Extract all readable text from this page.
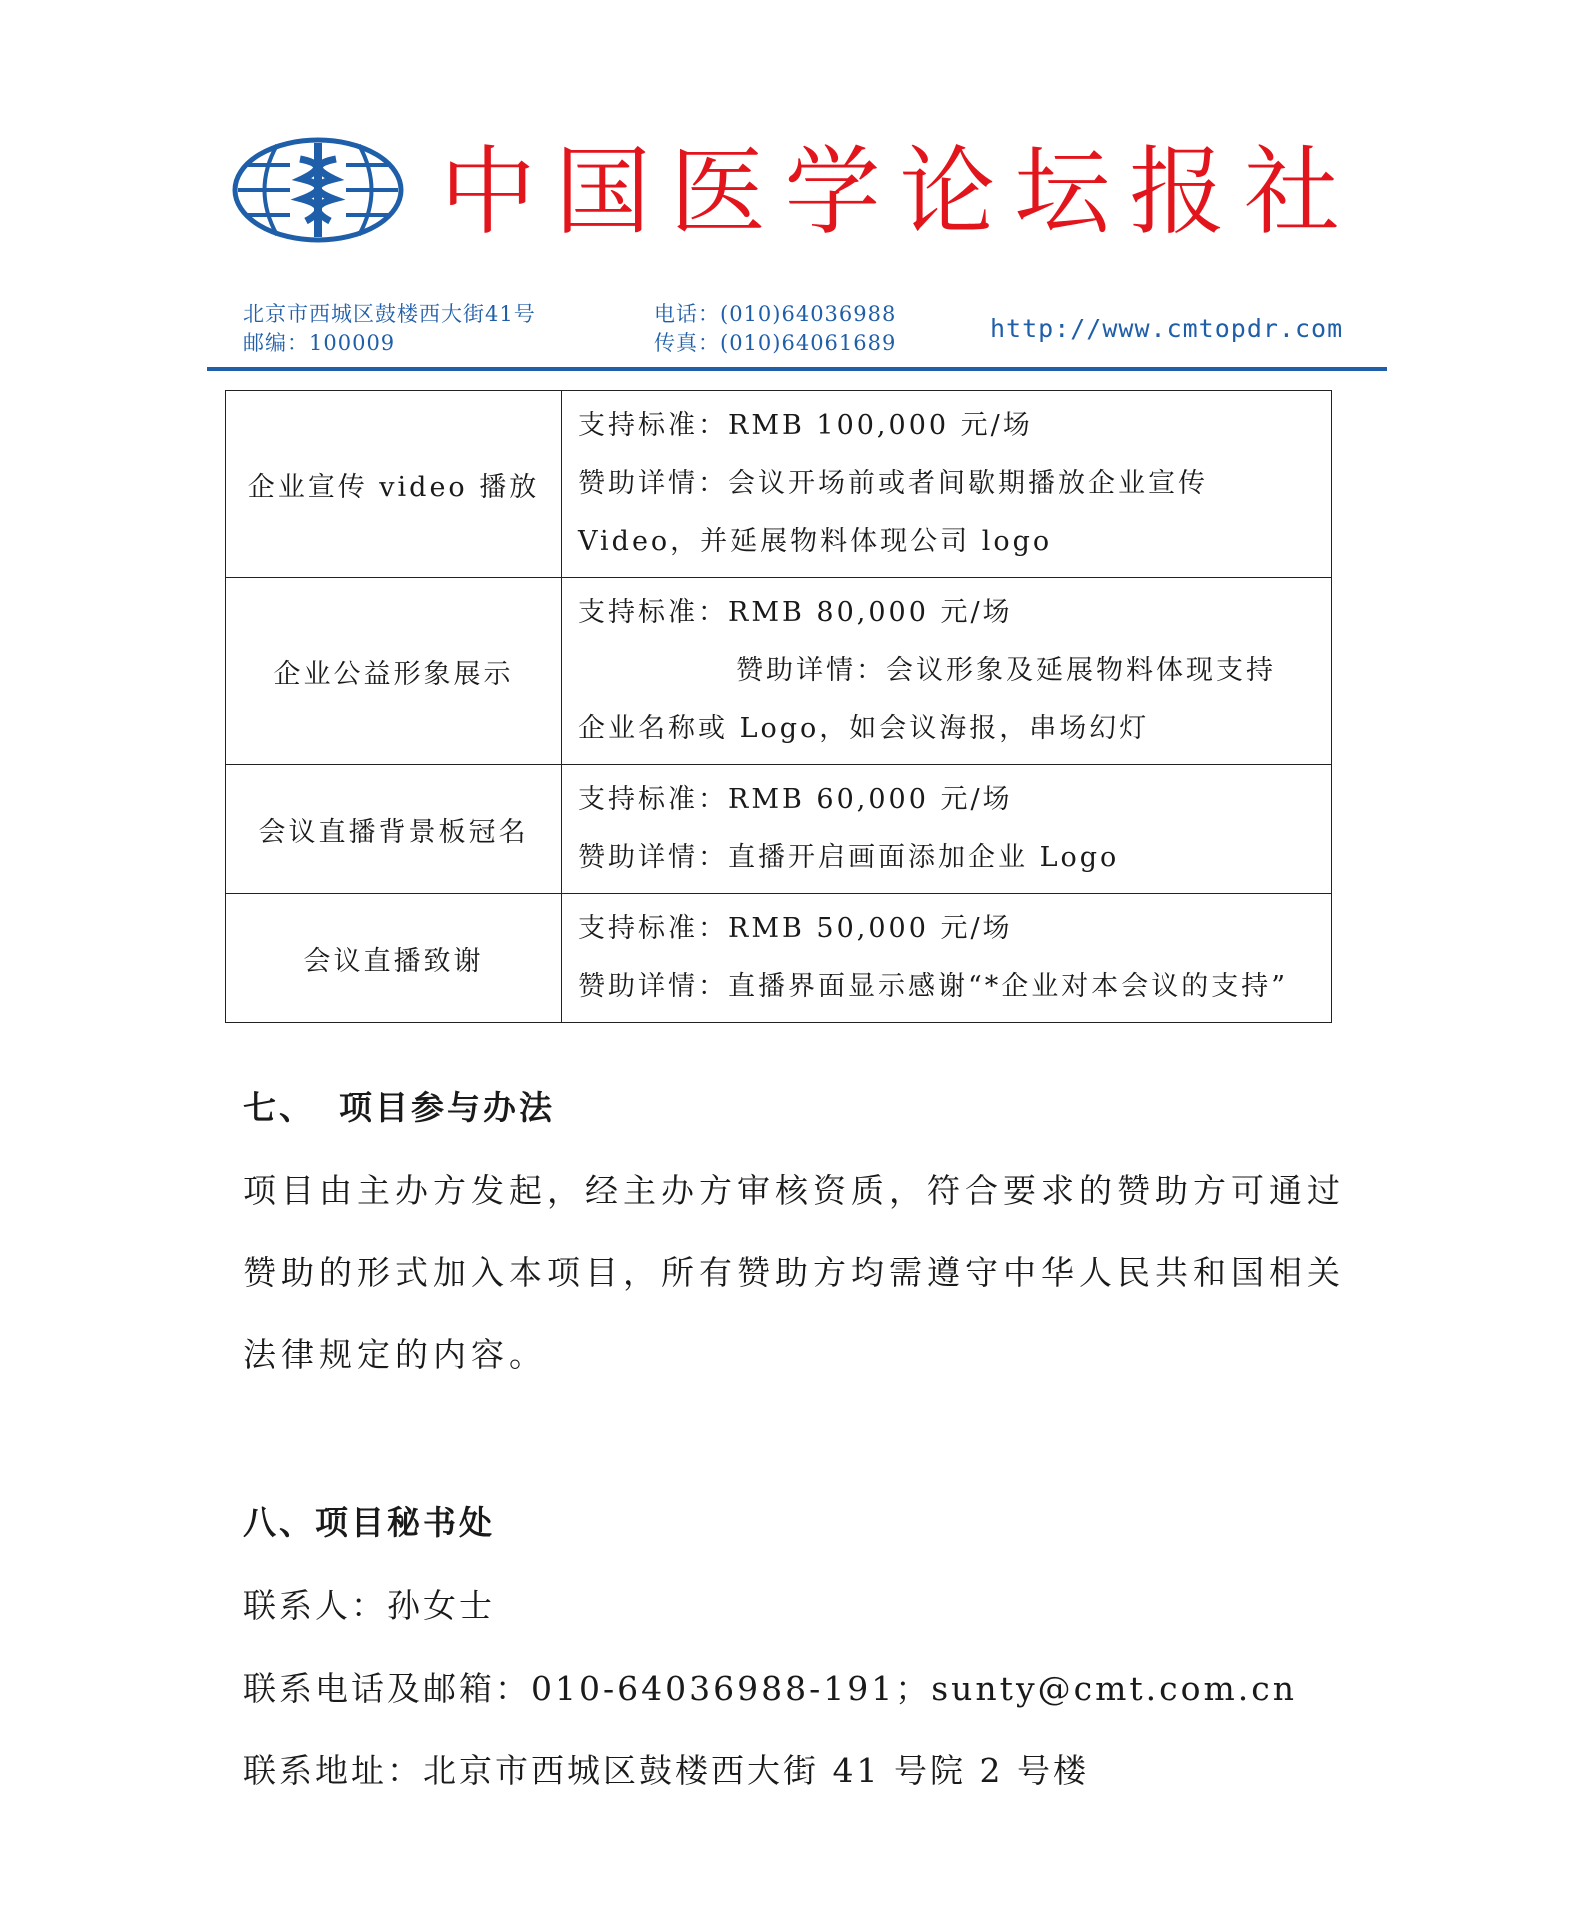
中 国 医 学 论 坛 报 社
北京市西城区鼓楼西大街41号
邮编：100009
电话：(010)64036988
传真：(010)64061689	http://www.cmtopdr.com
企业宣传 video 播放	支持标准：RMB 100,000 元/场
赞助详情：会议开场前或者间歇期播放企业宣传
Video，并延展物料体现公司 logo

企业公益形象展示	支持标准：RMB 80,000 元/场
赞助详情：会议形象及延展物料体现支持
企业名称或 Logo，如会议海报，串场幻灯

会议直播背景板冠名	支持标准：RMB 60,000 元/场
赞助详情：直播开启画面添加企业 Logo

会议直播致谢	支持标准：RMB 50,000 元/场
赞助详情：直播界面显示感谢“*企业对本会议的支持”
七、 项目参与办法
项目由主办方发起，经主办方审核资质，符合要求的赞助方可通过赞助的形式加入本项目，所有赞助方均需遵守中华人民共和国相关法律规定的内容。
八、项目秘书处
联系人：孙女士
联系电话及邮箱：010-64036988-191；sunty@cmt.com.cn
联系地址：北京市西城区鼓楼西大街 41 号院 2 号楼
